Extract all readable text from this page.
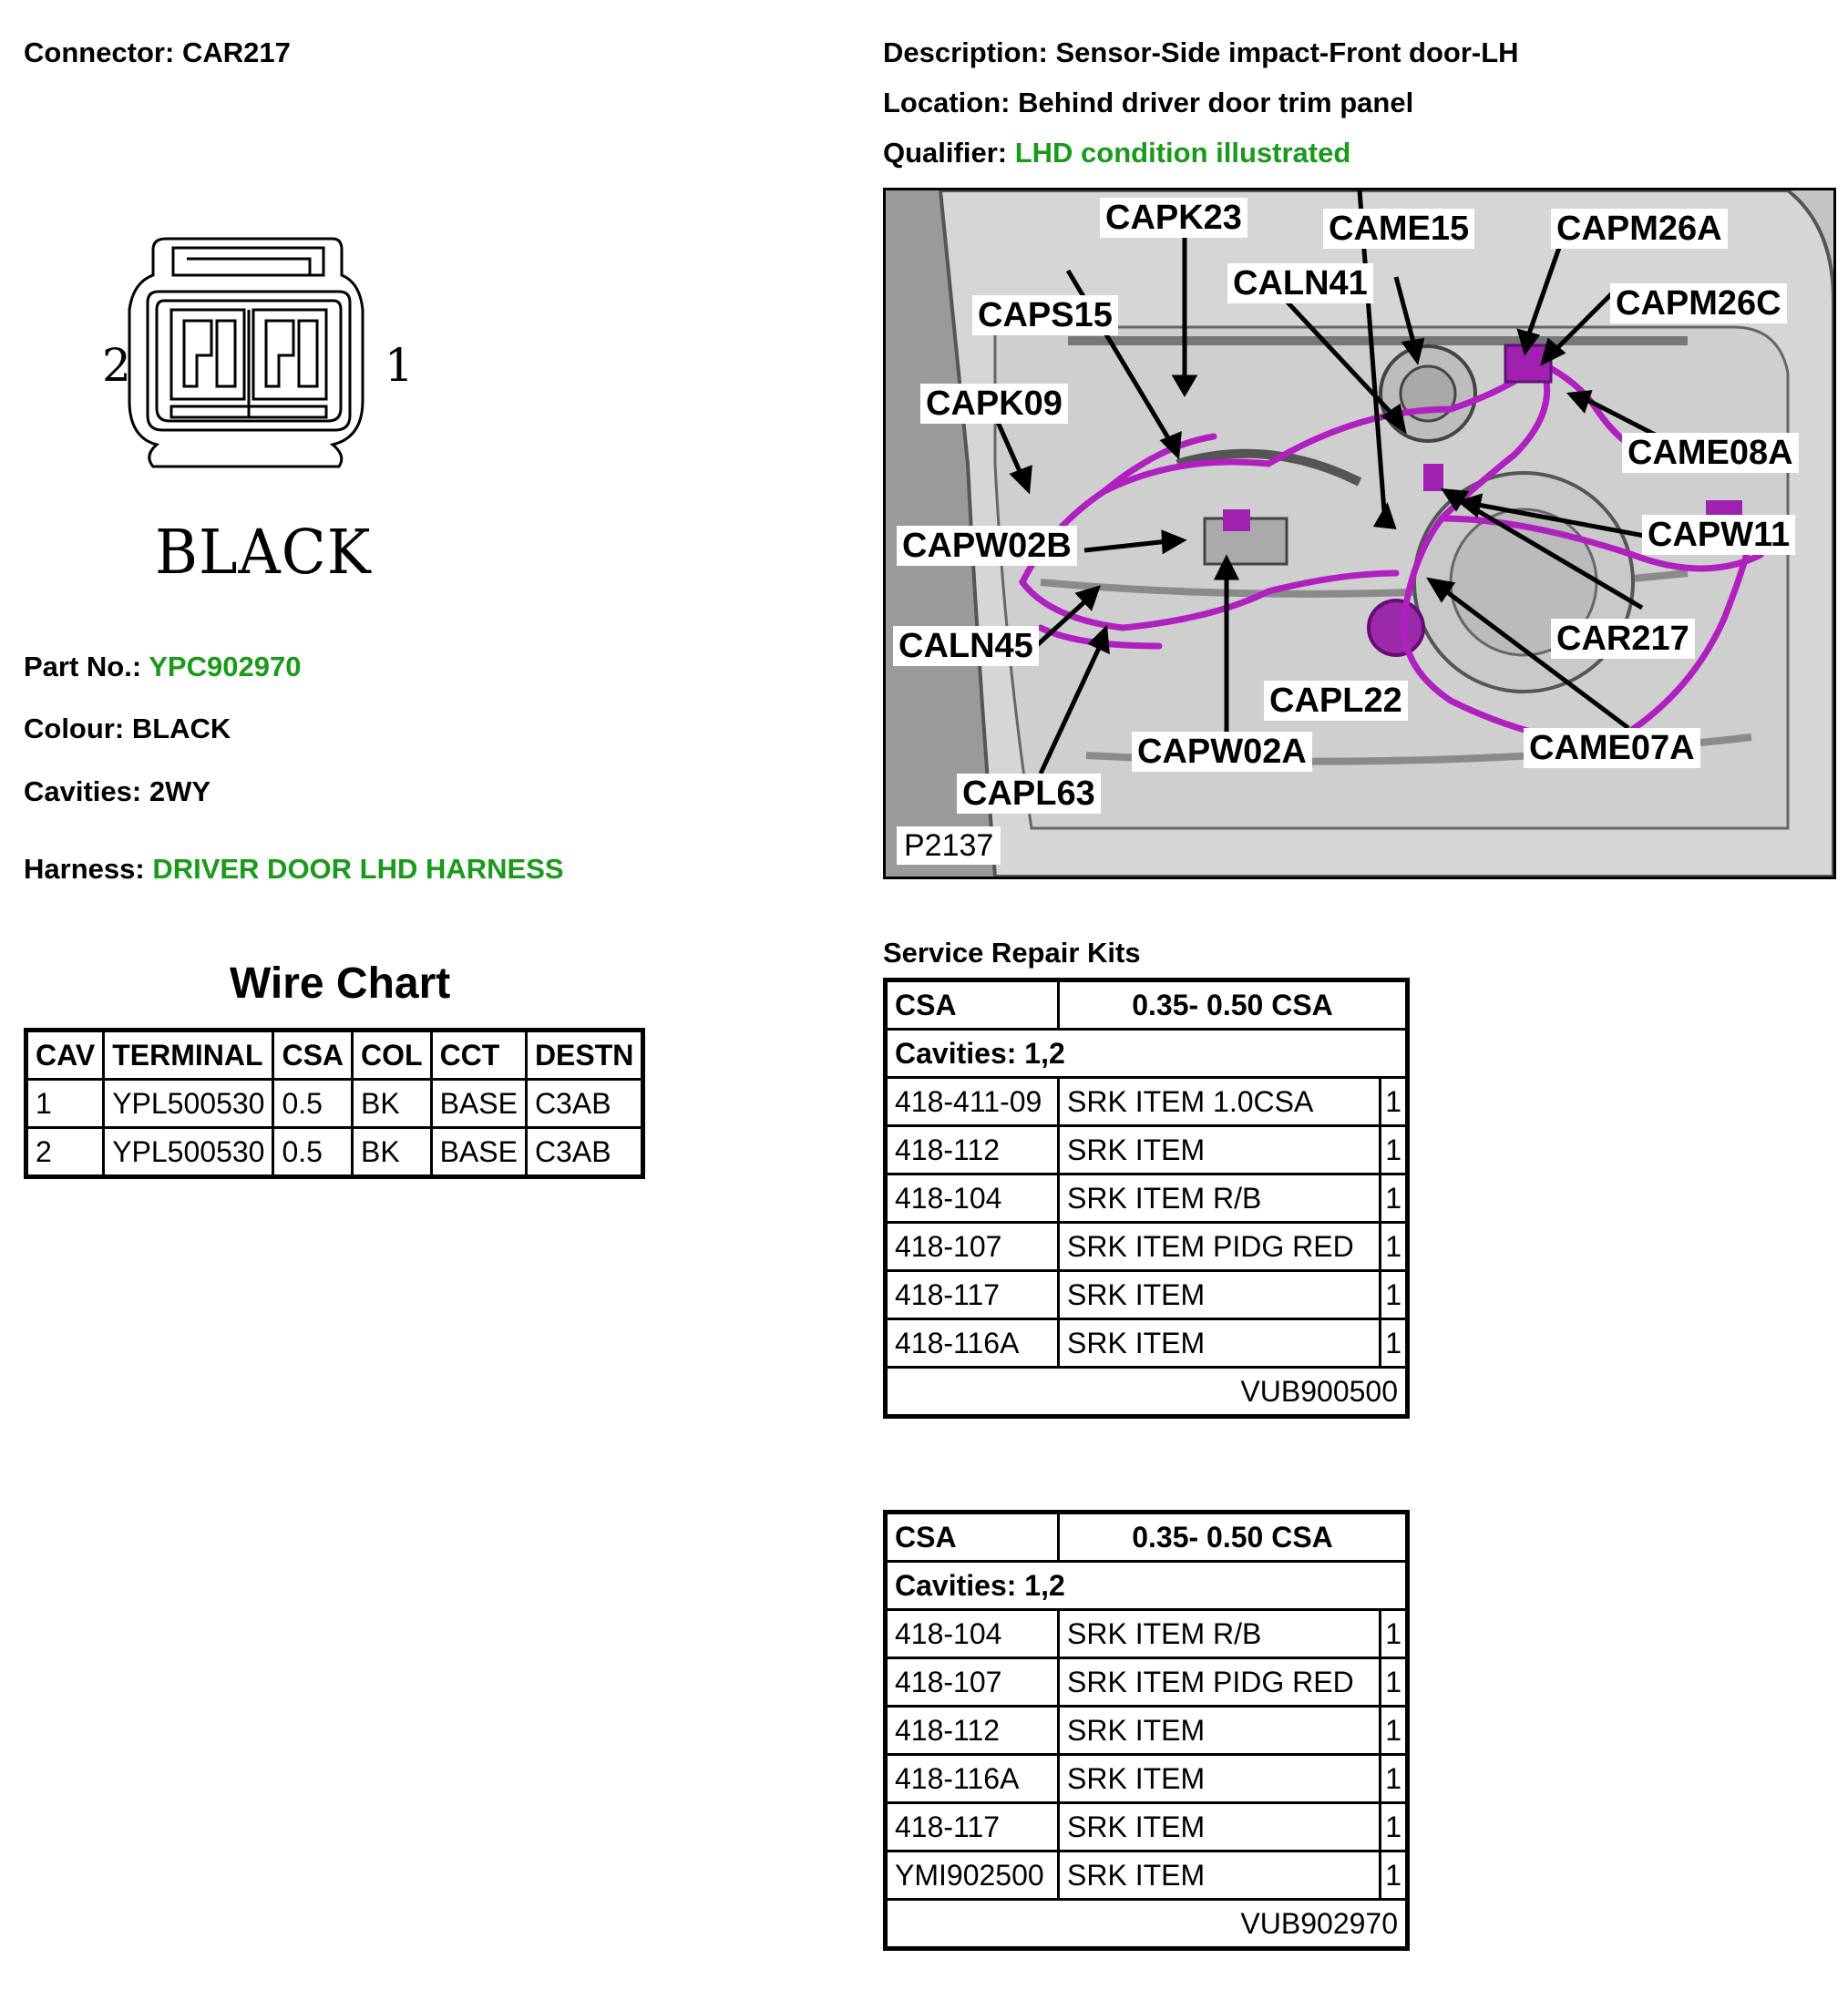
Connector: CAR217
2	1
BLACK
Part No.: YPC902970
Colour: BLACK
Cavities: 2WY
Harness: DRIVER DOOR LHD HARNESS
Wire Chart
CAV	TERMINAL	CSA	COL	CCT	DESTN
1	YPL500530	0.5	BK	BASE	C3AB
2	YPL500530	0.5	BK	BASE	C3AB
Description: Sensor-Side impact-Front door-LH
Location: Behind driver door trim panel
Qualifier: LHD condition illustrated
CAPK23	CAME15	CAPM26A
CALN41
CAPS15	CAPM26C
CAPK09
CAME08A
CAPW02B	CAPW11
CALN45	CAR217
CAPL22
CAPW02A	CAME07A
CAPL63
P2137
Service Repair Kits
CSA	0.35- 0.50 CSA	
Cavities: 1,2		
418-411-09	SRK ITEM 1.0CSA	1
418-112	SRK ITEM	1
418-104	SRK ITEM R/B	1
418-107	SRK ITEM PIDG RED	1
418-117	SRK ITEM	1
418-116A	SRK ITEM	1
VUB900500		
CSA	0.35- 0.50 CSA	
Cavities: 1,2		
418-104	SRK ITEM R/B	1
418-107	SRK ITEM PIDG RED	1
418-112	SRK ITEM	1
418-116A	SRK ITEM	1
418-117	SRK ITEM	1
YMI902500	SRK ITEM	1
VUB902970		
